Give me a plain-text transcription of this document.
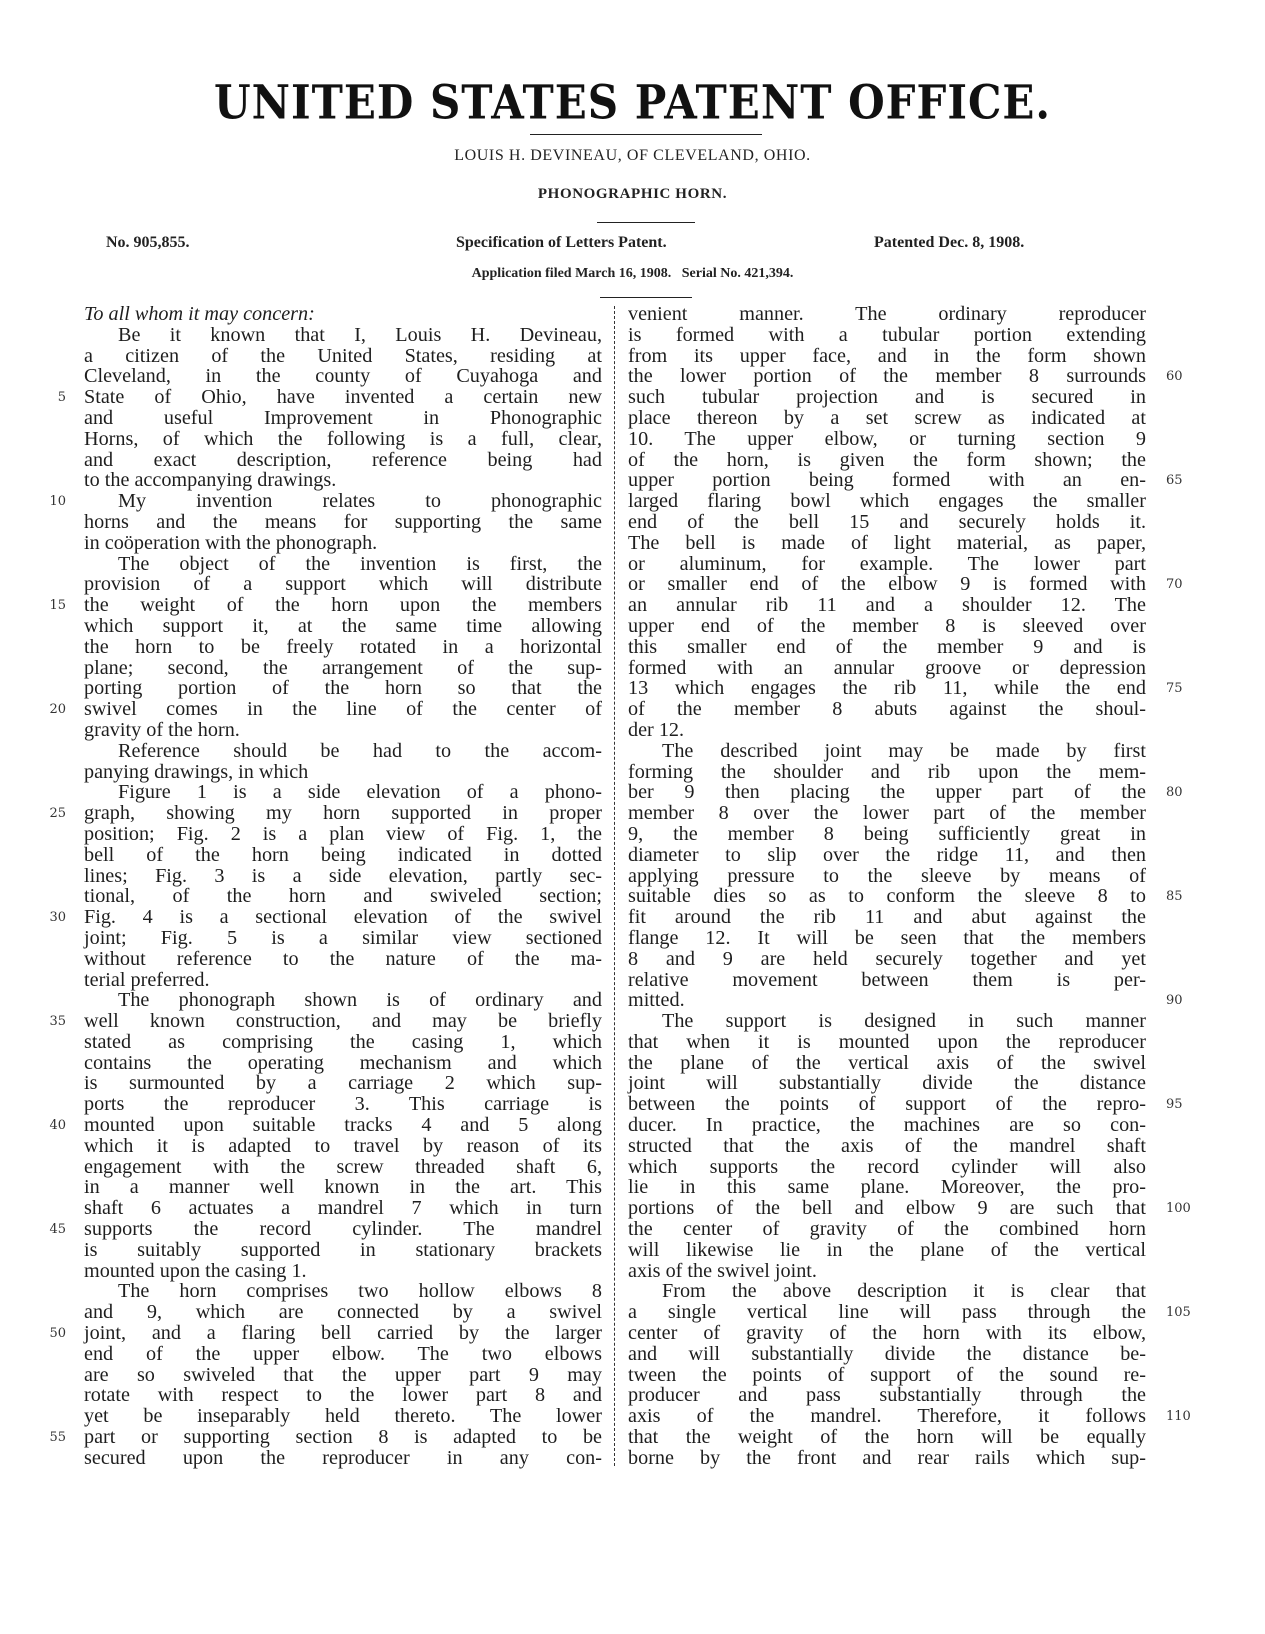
UNITED STATES PATENT OFFICE.
LOUIS H. DEVINEAU, OF CLEVELAND, OHIO.
PHONOGRAPHIC HORN.
No. 905,855.	Specification of Letters Patent.	Patented Dec. 8, 1908.
Application filed March 16, 1908.   Serial No. 421,394.
To all whom it may concern:
Be it known that I, Louis H. Devineau,
a citizen of the United States, residing at
Cleveland, in the county of Cuyahoga and
State of Ohio, have invented a certain new
and useful Improvement in Phonographic
Horns, of which the following is a full, clear,
and exact description, reference being had
to the accompanying drawings.
My invention relates to phonographic
horns and the means for supporting the same
in coöperation with the phonograph.
The object of the invention is first, the
provision of a support which will distribute
the weight of the horn upon the members
which support it, at the same time allowing
the horn to be freely rotated in a horizontal
plane; second, the arrangement of the sup-
porting portion of the horn so that the
swivel comes in the line of the center of
gravity of the horn.
Reference should be had to the accom-
panying drawings, in which
Figure 1 is a side elevation of a phono-
graph, showing my horn supported in proper
position; Fig. 2 is a plan view of Fig. 1, the
bell of the horn being indicated in dotted
lines; Fig. 3 is a side elevation, partly sec-
tional, of the horn and swiveled section;
Fig. 4 is a sectional elevation of the swivel
joint; Fig. 5 is a similar view sectioned
without reference to the nature of the ma-
terial preferred.
The phonograph shown is of ordinary and
well known construction, and may be briefly
stated as comprising the casing 1, which
contains the operating mechanism and which
is surmounted by a carriage 2 which sup-
ports the reproducer 3. This carriage is
mounted upon suitable tracks 4 and 5 along
which it is adapted to travel by reason of its
engagement with the screw threaded shaft 6,
in a manner well known in the art. This
shaft 6 actuates a mandrel 7 which in turn
supports the record cylinder. The mandrel
is suitably supported in stationary brackets
mounted upon the casing 1.
The horn comprises two hollow elbows 8
and 9, which are connected by a swivel
joint, and a flaring bell carried by the larger
end of the upper elbow. The two elbows
are so swiveled that the upper part 9 may
rotate with respect to the lower part 8 and
yet be inseparably held thereto. The lower
part or supporting section 8 is adapted to be
secured upon the reproducer in any con-
venient manner. The ordinary reproducer
is formed with a tubular portion extending
from its upper face, and in the form shown
the lower portion of the member 8 surrounds
such tubular projection and is secured in
place thereon by a set screw as indicated at
10. The upper elbow, or turning section 9
of the horn, is given the form shown; the
upper portion being formed with an en-
larged flaring bowl which engages the smaller
end of the bell 15 and securely holds it.
The bell is made of light material, as paper,
or aluminum, for example. The lower part
or smaller end of the elbow 9 is formed with
an annular rib 11 and a shoulder 12. The
upper end of the member 8 is sleeved over
this smaller end of the member 9 and is
formed with an annular groove or depression
13 which engages the rib 11, while the end
of the member 8 abuts against the shoul-
der 12.
The described joint may be made by first
forming the shoulder and rib upon the mem-
ber 9 then placing the upper part of the
member 8 over the lower part of the member
9, the member 8 being sufficiently great in
diameter to slip over the ridge 11, and then
applying pressure to the sleeve by means of
suitable dies so as to conform the sleeve 8 to
fit around the rib 11 and abut against the
flange 12. It will be seen that the members
8 and 9 are held securely together and yet
relative movement between them is per-
mitted.
The support is designed in such manner
that when it is mounted upon the reproducer
the plane of the vertical axis of the swivel
joint will substantially divide the distance
between the points of support of the repro-
ducer. In practice, the machines are so con-
structed that the axis of the mandrel shaft
which supports the record cylinder will also
lie in this same plane. Moreover, the pro-
portions of the bell and elbow 9 are such that
the center of gravity of the combined horn
will likewise lie in the plane of the vertical
axis of the swivel joint.
From the above description it is clear that
a single vertical line will pass through the
center of gravity of the horn with its elbow,
and will substantially divide the distance be-
tween the points of support of the sound re-
producer and pass substantially through the
axis of the mandrel. Therefore, it follows
that the weight of the horn will be equally
borne by the front and rear rails which sup-
5
10
15
20
25
30
35
40
45
50
55
60
65
70
75
80
85
90
95
100
105
110
